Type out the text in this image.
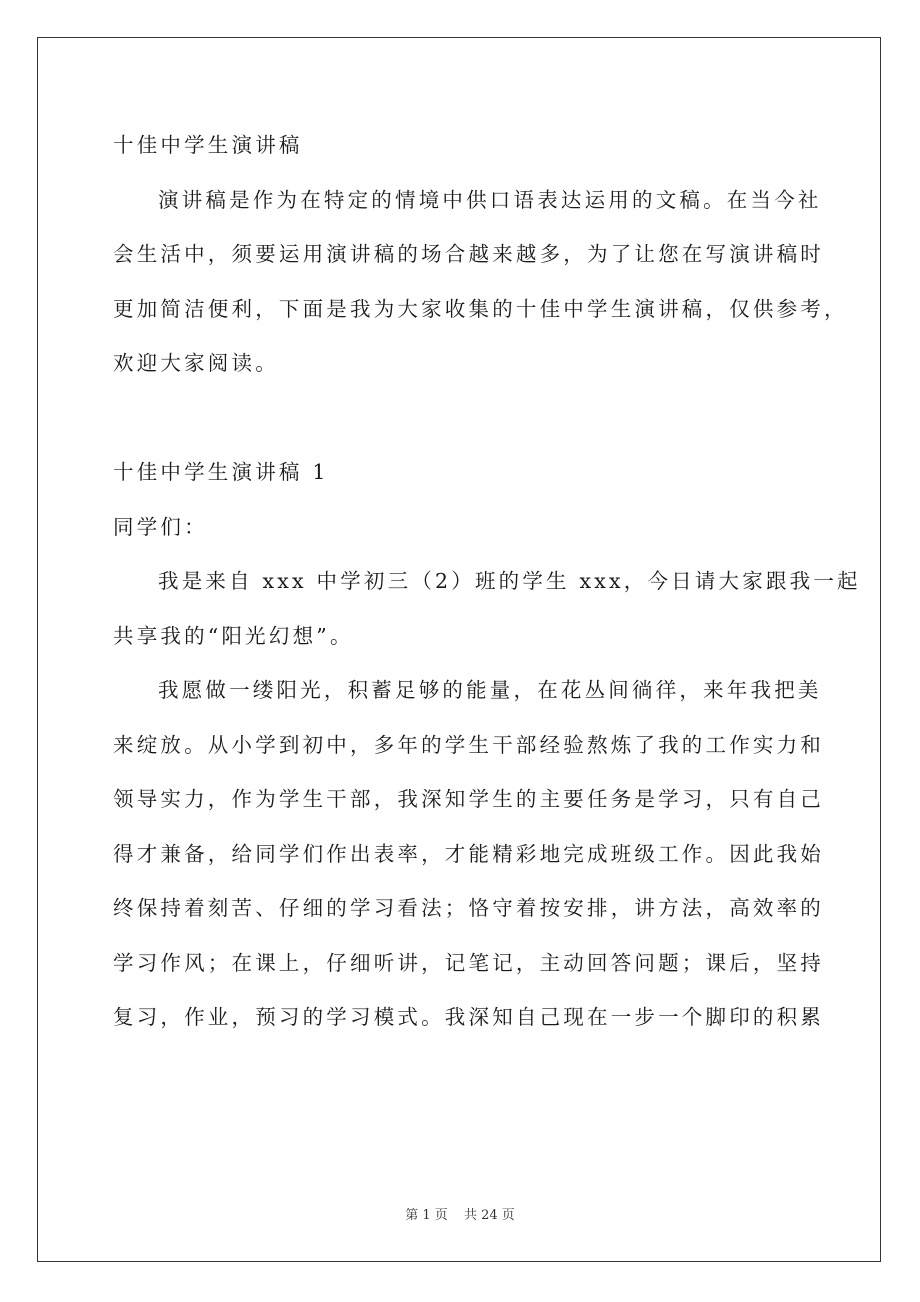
十佳中学生演讲稿
演讲稿是作为在特定的情境中供口语表达运用的文稿。在当今社
会生活中，须要运用演讲稿的场合越来越多，为了让您在写演讲稿时
更加简洁便利，下面是我为大家收集的十佳中学生演讲稿，仅供参考，
欢迎大家阅读。
十佳中学生演讲稿 1
同学们：
我是来自 xxx 中学初三（2）班的学生 xxx，今日请大家跟我一起
共享我的“阳光幻想”。
我愿做一缕阳光，积蓄足够的能量，在花丛间徜徉，来年我把美
来绽放。从小学到初中，多年的学生干部经验熬炼了我的工作实力和
领导实力，作为学生干部，我深知学生的主要任务是学习，只有自己
得才兼备，给同学们作出表率，才能精彩地完成班级工作。因此我始
终保持着刻苦、仔细的学习看法；恪守着按安排，讲方法，高效率的
学习作风；在课上，仔细听讲，记笔记，主动回答问题；课后，坚持
复习，作业，预习的学习模式。我深知自己现在一步一个脚印的积累
第 1 页 共 24 页
